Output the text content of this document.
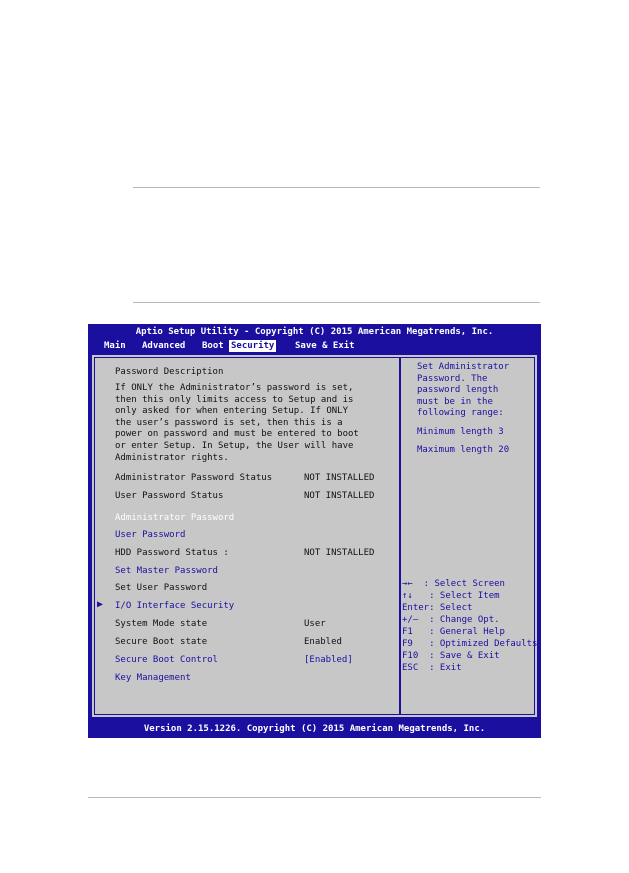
Aptio Setup Utility - Copyright (C) 2015 American Megatrends, Inc.
Main Advanced Boot Security Save & Exit
Password Description
If ONLY the Administrator’s password is set,
then this only limits access to Setup and is
only asked for when entering Setup. If ONLY
the user’s password is set, then this is a
power on password and must be entered to boot
or enter Setup. In Setup, the User will have
Administrator rights.
Administrator Password Status	NOT INSTALLED
User Password Status	NOT INSTALLED
Administrator Password
User Password
HDD Password Status :	NOT INSTALLED
Set Master Password
Set User Password
▶ I/O Interface Security
System Mode state	User
Secure Boot state	Enabled
Secure Boot Control	[Enabled]
Key Management
Set Administrator
Password. The
password length
must be in the
following range:
Minimum length 3
Maximum length 20
→←  : Select Screen
↑↓   : Select Item
Enter: Select
+/—  : Change Opt.
F1   : General Help
F9   : Optimized Defaults
F10  : Save & Exit
ESC  : Exit
Version 2.15.1226. Copyright (C) 2015 American Megatrends, Inc.
